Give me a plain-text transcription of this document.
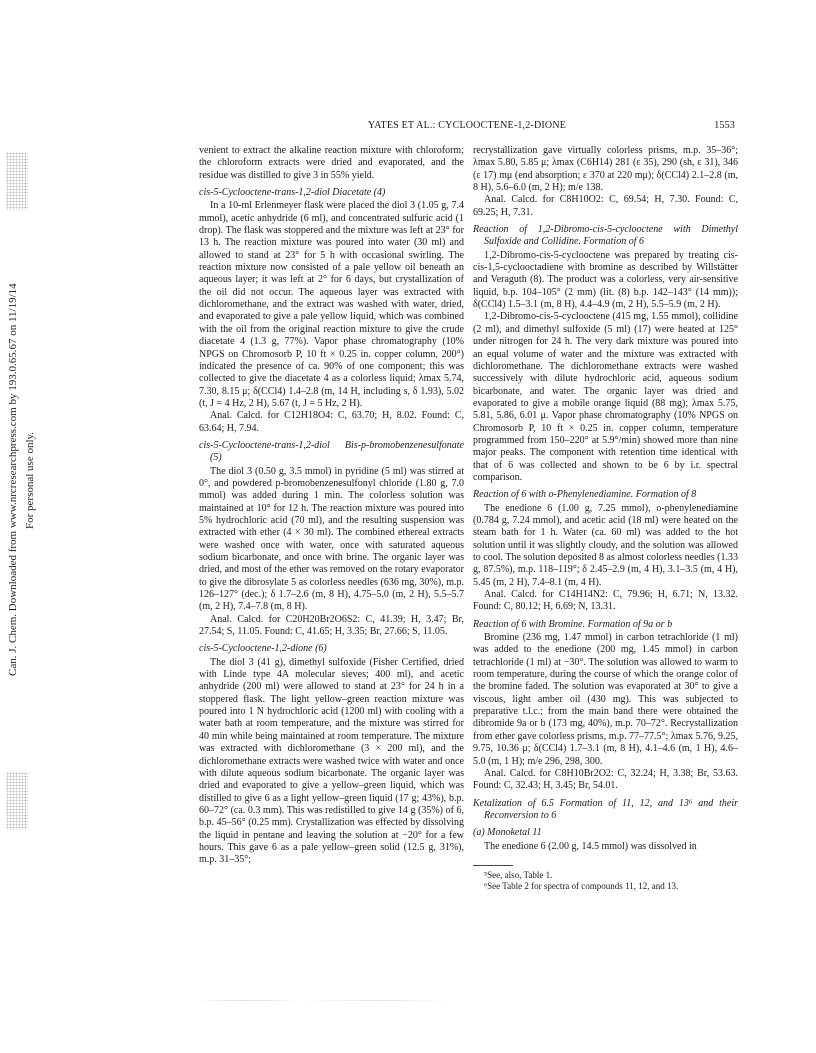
Can. J. Chem. Downloaded from www.nrcresearchpress.com by 193.0.65.67 on 11/19/14 For personal use only.
YATES ET AL.: CYCLOOCTENE-1,2-DIONE	1553

venient to extract the alkaline reaction mixture with chloroform; the chloroform extracts were dried and evaporated, and the residue was distilled to give 3 in 55% yield.

cis-5-Cyclooctene-trans-1,2-diol Diacetate (4)

In a 10-ml Erlenmeyer flask were placed the diol 3 (1.05 g, 7.4 mmol), acetic anhydride (6 ml), and concentrated sulfuric acid (1 drop). The flask was stoppered and the mixture was left at 23° for 13 h. The reaction mixture was poured into water (30 ml) and allowed to stand at 23° for 5 h with occasional swirling. The reaction mixture now consisted of a pale yellow oil beneath an aqueous layer; it was left at 2° for 6 days, but crystallization of the oil did not occur. The aqueous layer was extracted with dichloromethane, and the extract was washed with water, dried, and evaporated to give a pale yellow liquid, which was combined with the oil from the original reaction mixture to give the crude diacetate 4 (1.3 g, 77%). Vapor phase chromatography (10% NPGS on Chromosorb P, 10 ft × 0.25 in. copper column, 200°) indicated the presence of ca. 90% of one component; this was collected to give the diacetate 4 as a colorless liquid; λmax 5.74, 7.30, 8.15 μ; δ(CCl4) 1.4–2.8 (m, 14 H, including s, δ 1.93), 5.02 (t, J = 4 Hz, 2 H), 5.67 (t, J = 5 Hz, 2 H).

Anal. Calcd. for C12H18O4: C, 63.70; H, 8.02. Found: C, 63.64; H, 7.94.

cis-5-Cyclooctene-trans-1,2-diol Bis-p-bromobenzenesulfonate (5)

The diol 3 (0.50 g, 3.5 mmol) in pyridine (5 ml) was stirred at 0°, and powdered p-bromobenzenesulfonyl chloride (1.80 g, 7.0 mmol) was added during 1 min. The colorless solution was maintained at 10° for 12 h. The reaction mixture was poured into 5% hydrochloric acid (70 ml), and the resulting suspension was extracted with ether (4 × 30 ml). The combined ethereal extracts were washed once with water, once with saturated aqueous sodium bicarbonate, and once with brine. The organic layer was dried, and most of the ether was removed on the rotary evaporator to give the dibrosylate 5 as colorless needles (636 mg, 30%), m.p. 126–127° (dec.); δ 1.7–2.6 (m, 8 H), 4.75–5.0 (m, 2 H), 5.5–5.7 (m, 2 H), 7.4–7.8 (m, 8 H).

Anal. Calcd. for C20H20Br2O6S2: C, 41.39; H, 3.47; Br, 27.54; S, 11.05. Found: C, 41.65; H, 3.35; Br, 27.66; S, 11.05.

cis-5-Cyclooctene-1,2-dione (6)

The diol 3 (41 g), dimethyl sulfoxide (Fisher Certified, dried with Linde type 4A molecular sieves; 400 ml), and acetic anhydride (200 ml) were allowed to stand at 23° for 24 h in a stoppered flask. The light yellow–green reaction mixture was poured into 1 N hydrochloric acid (1200 ml) with cooling with a water bath at room temperature, and the mixture was stirred for 40 min while being maintained at room temperature. The mixture was extracted with dichloromethane (3 × 200 ml), and the dichloromethane extracts were washed twice with water and once with dilute aqueous sodium bicarbonate. The organic layer was dried and evaporated to give a yellow–green liquid, which was distilled to give 6 as a light yellow–green liquid (17 g; 43%), b.p. 60–72° (ca. 0.3 mm). This was redistilled to give 14 g (35%) of 6, b.p. 45–56° (0.25 mm). Crystallization was effected by dissolving the liquid in pentane and leaving the solution at −20° for a few hours. This gave 6 as a pale yellow–green solid (12.5 g, 31%), m.p. 31–35°;

recrystallization gave virtually colorless prisms, m.p. 35–36°; λmax 5.80, 5.85 μ; λmax (C6H14) 281 (ε 35), 290 (sh, ε 31), 346 (ε 17) mμ (end absorption; ε 370 at 220 mμ); δ(CCl4) 2.1–2.8 (m, 8 H), 5.6–6.0 (m, 2 H); m/e 138.

Anal. Calcd. for C8H10O2: C, 69.54; H, 7.30. Found: C, 69.25; H, 7.31.

Reaction of 1,2-Dibromo-cis-5-cyclooctene with Dimethyl Sulfoxide and Collidine. Formation of 6

1,2-Dibromo-cis-5-cyclooctene was prepared by treating cis-cis-1,5-cyclooctadiene with bromine as described by Willstätter and Veraguth (8). The product was a colorless, very air-sensitive liquid, b.p. 104–105° (2 mm) (lit. (8) b.p. 142–143° (14 mm)); δ(CCl4) 1.5–3.1 (m, 8 H), 4.4–4.9 (m, 2 H), 5.5–5.9 (m, 2 H).

1,2-Dibromo-cis-5-cyclooctene (415 mg, 1.55 mmol), collidine (2 ml), and dimethyl sulfoxide (5 ml) (17) were heated at 125° under nitrogen for 24 h. The very dark mixture was poured into an equal volume of water and the mixture was extracted with dichloromethane. The dichloromethane extracts were washed successively with dilute hydrochloric acid, aqueous sodium bicarbonate, and water. The organic layer was dried and evaporated to give a mobile orange liquid (88 mg); λmax 5.75, 5.81, 5.86, 6.01 μ. Vapor phase chromatography (10% NPGS on Chromosorb P, 10 ft × 0.25 in. copper column, temperature programmed from 150–220° at 5.9°/min) showed more than nine major peaks. The component with retention time identical with that of 6 was collected and shown to be 6 by i.r. spectral comparison.

Reaction of 6 with o-Phenylenediamine. Formation of 8

The enedione 6 (1.00 g, 7.25 mmol), o-phenylenediamine (0.784 g, 7.24 mmol), and acetic acid (18 ml) were heated on the steam bath for 1 h. Water (ca. 60 ml) was added to the hot solution until it was slightly cloudy, and the solution was allowed to cool. The solution deposited 8 as almost colorless needles (1.33 g, 87.5%), m.p. 118–119°; δ 2.45–2.9 (m, 4 H), 3.1–3.5 (m, 4 H), 5.45 (m, 2 H), 7.4–8.1 (m, 4 H).

Anal. Calcd. for C14H14N2: C, 79.96; H, 6.71; N, 13.32. Found: C, 80.12; H, 6.69; N, 13.31.

Reaction of 6 with Bromine. Formation of 9a or b

Bromine (236 mg, 1.47 mmol) in carbon tetrachloride (1 ml) was added to the enedione (200 mg, 1.45 mmol) in carbon tetrachloride (1 ml) at −30°. The solution was allowed to warm to room temperature, during the course of which the orange color of the bromine faded. The solution was evaporated at 30° to give a viscous, light amber oil (430 mg). This was subjected to preparative t.l.c.; from the main band there were obtained the dibromide 9a or b (173 mg, 40%), m.p. 70–72°. Recrystallization from ether gave colorless prisms, m.p. 77–77.5°; λmax 5.76, 9.25, 9.75, 10.36 μ; δ(CCl4) 1.7–3.1 (m, 8 H), 4.1–4.6 (m, 1 H), 4.6–5.0 (m, 1 H); m/e 296, 298, 300.

Anal. Calcd. for C8H10Br2O2: C, 32.24; H, 3.38; Br, 53.63. Found: C, 32.43; H, 3.45; Br, 54.01.

Ketalization of 6.5 Formation of 11, 12, and 13⁶ and their Reconversion to 6
(a) Monoketal 11

The enedione 6 (2.00 g, 14.5 mmol) was dissolved in

⁵See, also, Table 1.
⁶See Table 2 for spectra of compounds 11, 12, and 13.
